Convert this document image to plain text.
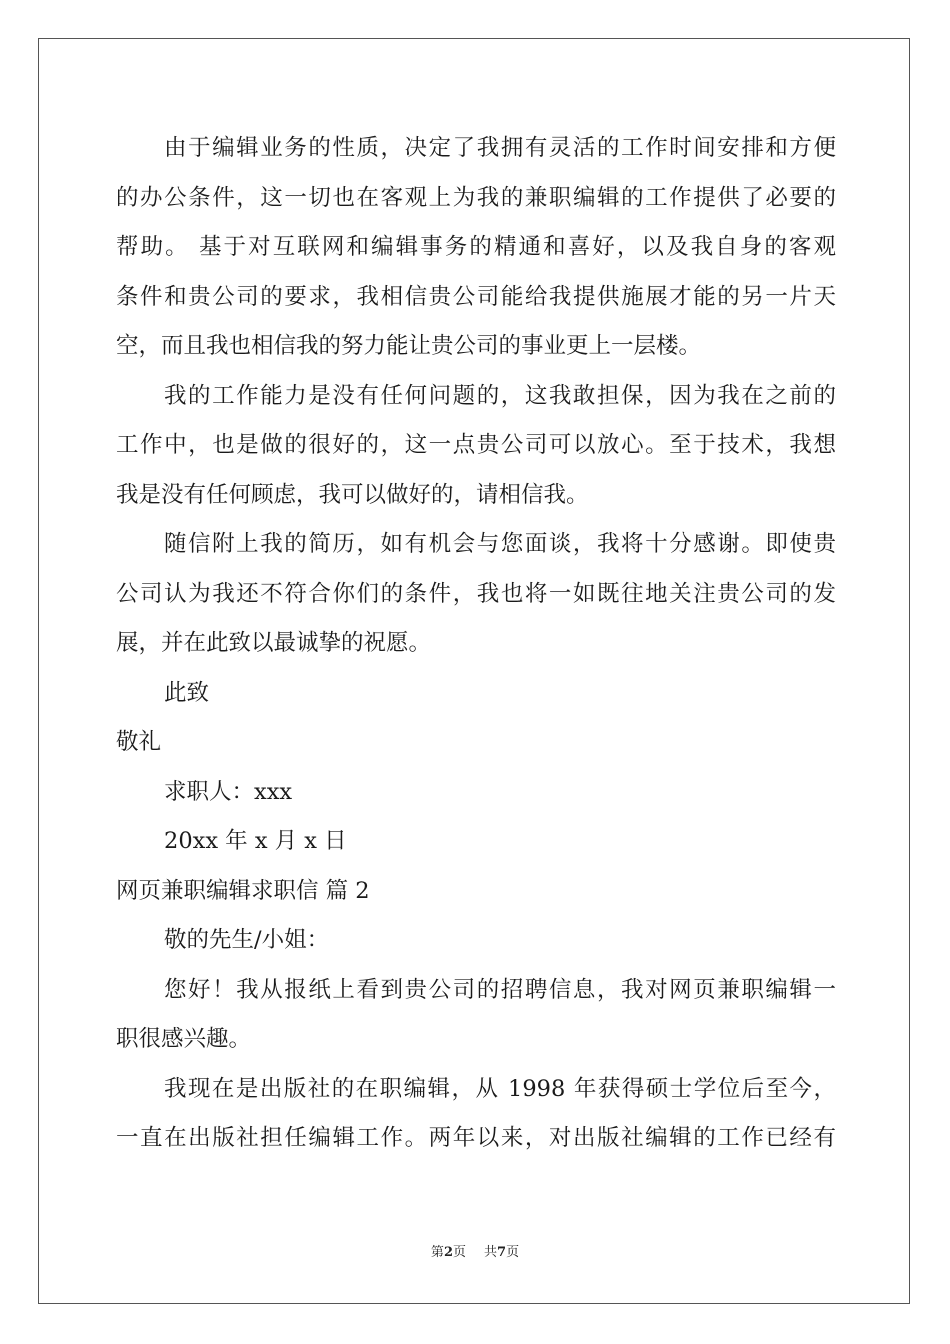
由于编辑业务的性质，决定了我拥有灵活的工作时间安排和方便
的办公条件，这一切也在客观上为我的兼职编辑的工作提供了必要的
帮助。 基于对互联网和编辑事务的精通和喜好，以及我自身的客观
条件和贵公司的要求，我相信贵公司能给我提供施展才能的另一片天
空，而且我也相信我的努力能让贵公司的事业更上一层楼。
我的工作能力是没有任何问题的，这我敢担保，因为我在之前的
工作中，也是做的很好的，这一点贵公司可以放心。至于技术，我想
我是没有任何顾虑，我可以做好的，请相信我。
随信附上我的简历，如有机会与您面谈，我将十分感谢。即使贵
公司认为我还不符合你们的条件，我也将一如既往地关注贵公司的发
展，并在此致以最诚挚的祝愿。
此致
敬礼
求职人：xxx
20xx 年 x 月 x 日
网页兼职编辑求职信 篇 2
敬的先生/小姐：
您好！我从报纸上看到贵公司的招聘信息，我对网页兼职编辑一
职很感兴趣。
我现在是出版社的在职编辑，从 1998 年获得硕士学位后至今，
一直在出版社担任编辑工作。两年以来，对出版社编辑的工作已经有
第2页 共7页
